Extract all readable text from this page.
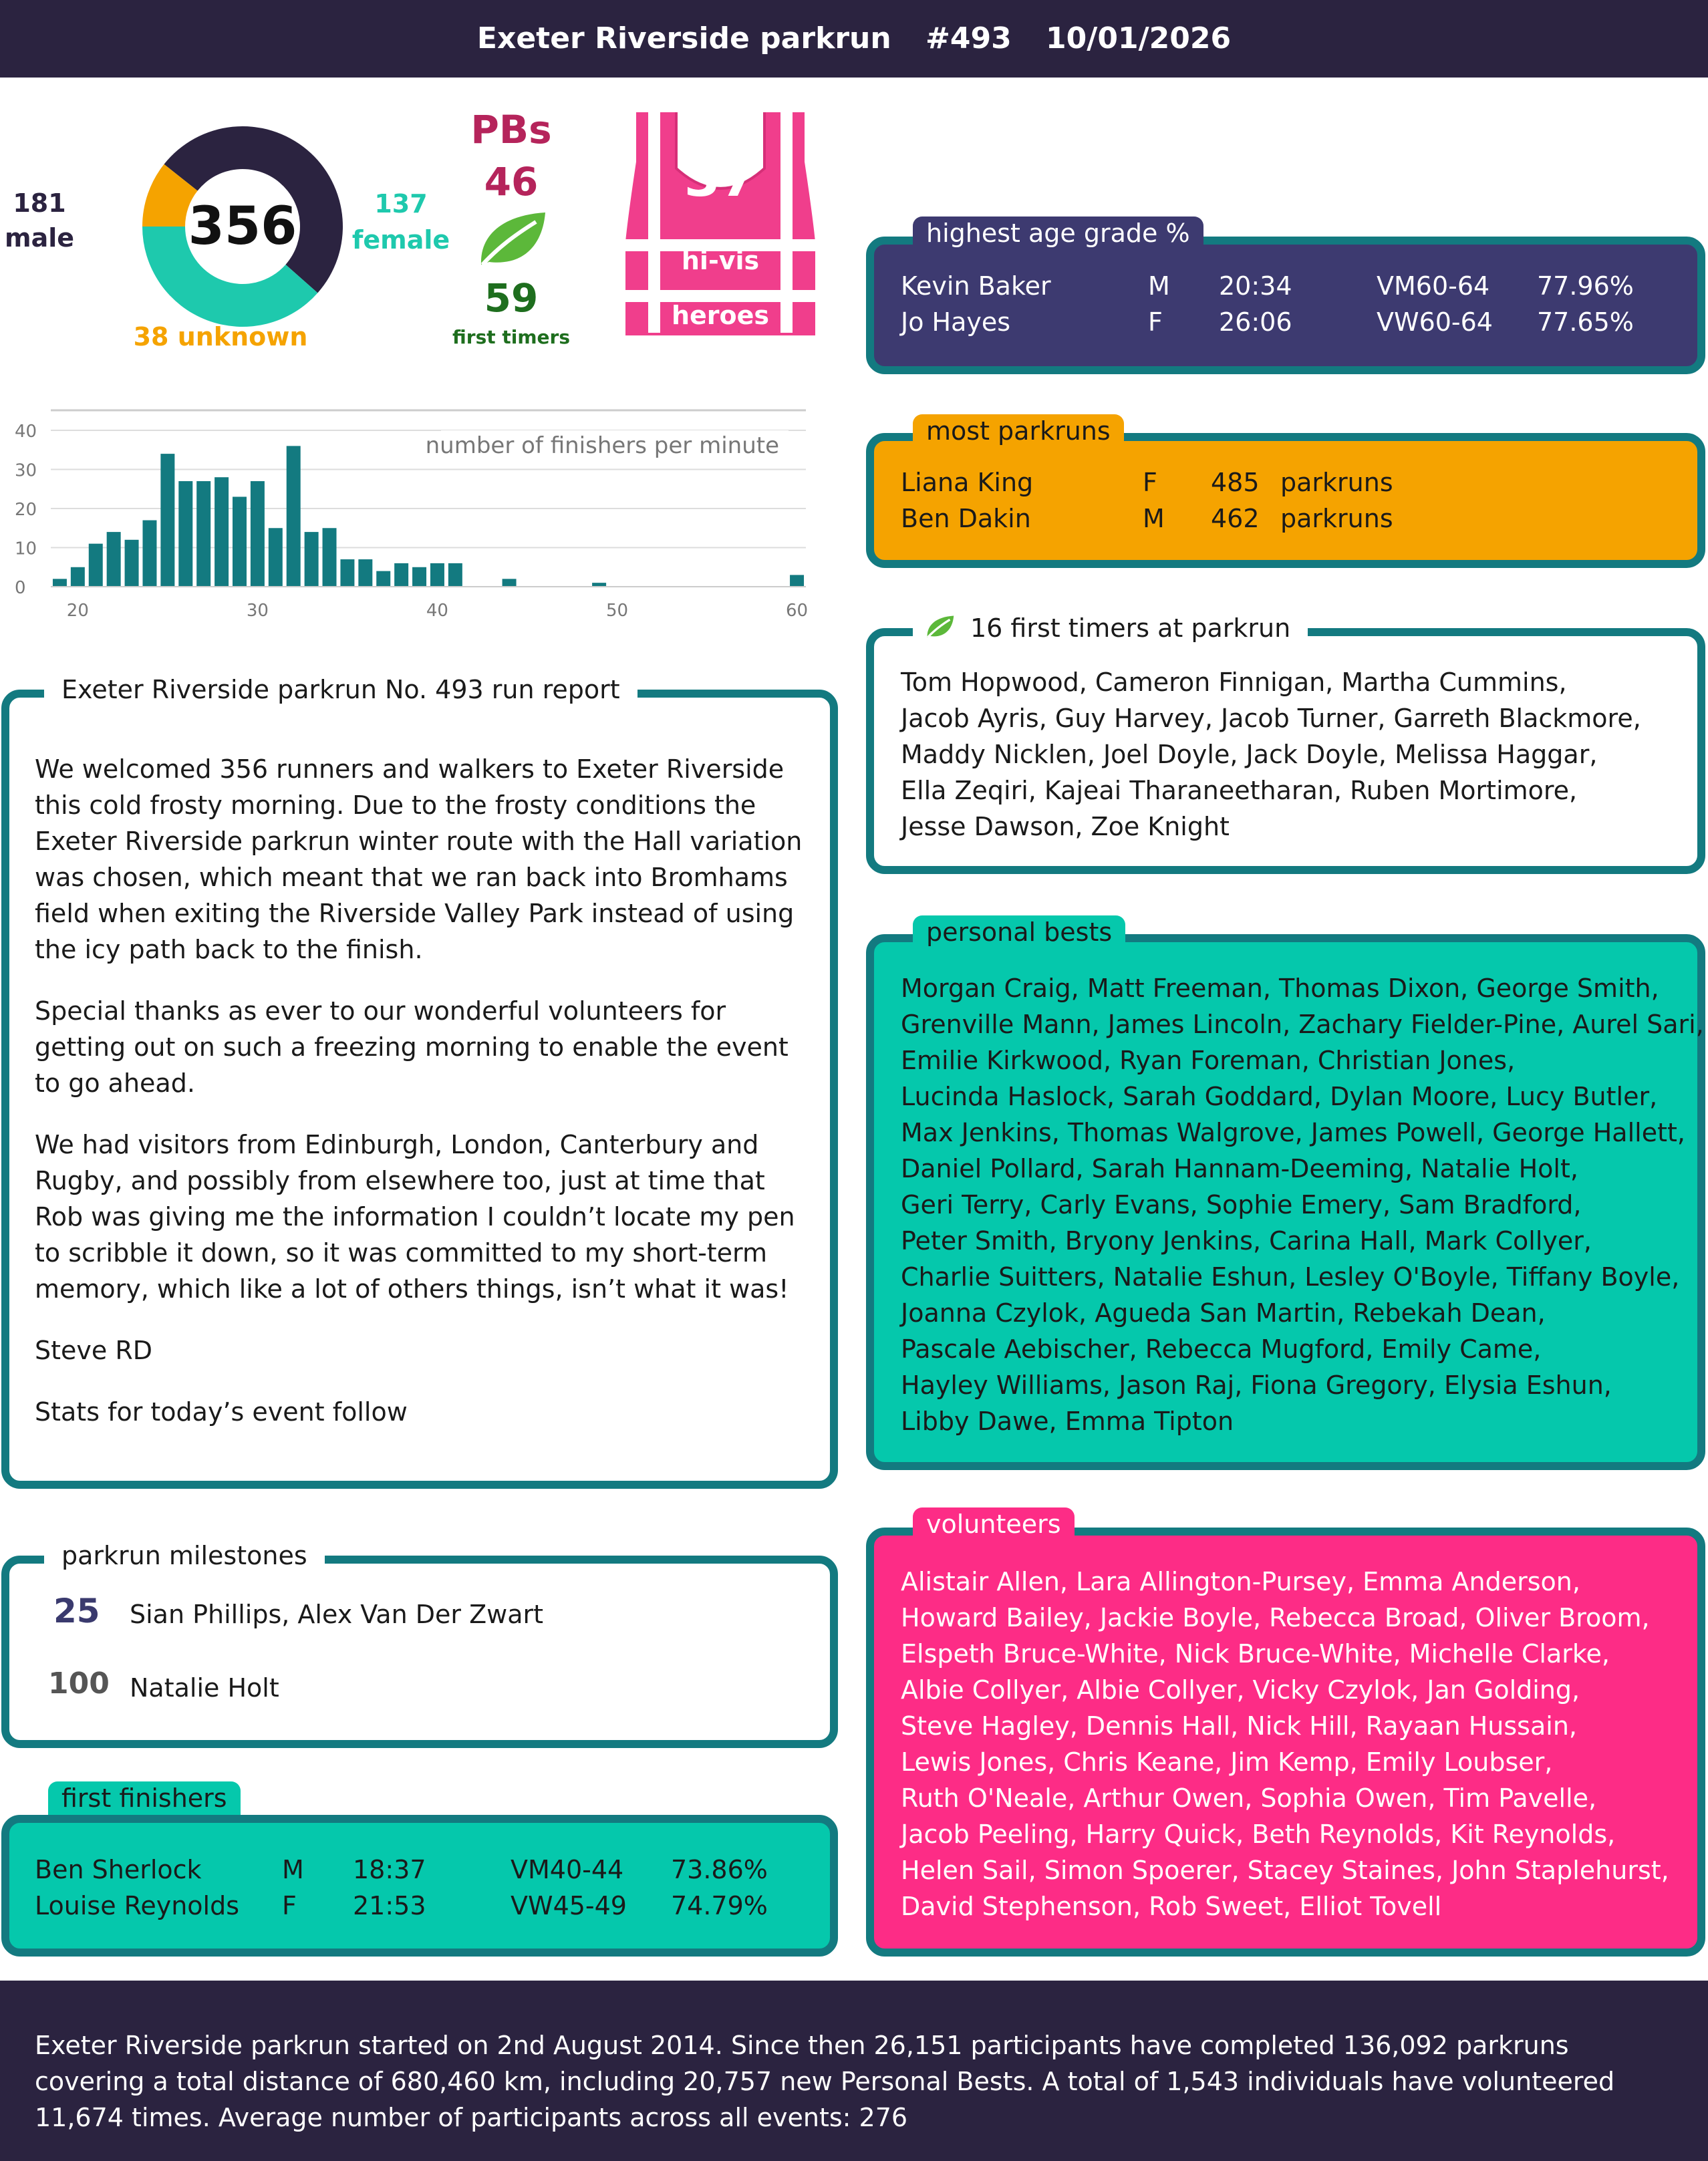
Exeter Riverside parkrun #493 10/01/2026
181
male 356	137
female
38 unknown
PBs
46
59
first timers
37
hi-vis
heroes
0
10
20
30
40
20	30	40	50	60
number of finishers per minute
Exeter Riverside parkrun No. 493 run report

We welcomed 356 runners and walkers to Exeter Riverside this cold frosty morning. Due to the frosty conditions the Exeter Riverside parkrun winter route with the Hall variation was chosen, which meant that we ran back into Bromhams field when exiting the Riverside Valley Park instead of using the icy path back to the finish.

Special thanks as ever to our wonderful volunteers for getting out on such a freezing morning to enable the event to go ahead.

We had visitors from Edinburgh, London, Canterbury and Rugby, and possibly from elsewhere too, just at time that Rob was giving me the information I couldn’t locate my pen to scribble it down, so it was committed to my short-term memory, which like a lot of others things, isn’t what it was!

Steve RD

Stats for today’s event follow

parkrun milestones
25 Sian Phillips, Alex Van Der Zwart
100 Natalie Holt
first finishers
Ben Sherlock	M 18:37	VM40-44 73.86%
Louise Reynolds F 21:53	VW45-49 74.79%
highest age grade %
Kevin Baker	M 20:34	VM60-64 77.96%
Jo Hayes	F 26:06	VW60-64 77.65%
most parkruns
Liana King	F 485 parkruns
Ben Dakin	M 462 parkruns
16 first timers at parkrun
Tom Hopwood, Cameron Finnigan, Martha Cummins,
Jacob Ayris, Guy Harvey, Jacob Turner, Garreth Blackmore,
Maddy Nicklen, Joel Doyle, Jack Doyle, Melissa Haggar,
Ella Zeqiri, Kajeai Tharaneetharan, Ruben Mortimore,
Jesse Dawson, Zoe Knight
personal bests
Morgan Craig, Matt Freeman, Thomas Dixon, George Smith,
Grenville Mann, James Lincoln, Zachary Fielder-Pine, Aurel Sari,
Emilie Kirkwood, Ryan Foreman, Christian Jones,
Lucinda Haslock, Sarah Goddard, Dylan Moore, Lucy Butler,
Max Jenkins, Thomas Walgrove, James Powell, George Hallett,
Daniel Pollard, Sarah Hannam-Deeming, Natalie Holt,
Geri Terry, Carly Evans, Sophie Emery, Sam Bradford,
Peter Smith, Bryony Jenkins, Carina Hall, Mark Collyer,
Charlie Suitters, Natalie Eshun, Lesley O'Boyle, Tiffany Boyle,
Joanna Czylok, Agueda San Martin, Rebekah Dean,
Pascale Aebischer, Rebecca Mugford, Emily Came,
Hayley Williams, Jason Raj, Fiona Gregory, Elysia Eshun,
Libby Dawe, Emma Tipton
volunteers
Alistair Allen, Lara Allington-Pursey, Emma Anderson,
Howard Bailey, Jackie Boyle, Rebecca Broad, Oliver Broom,
Elspeth Bruce-White, Nick Bruce-White, Michelle Clarke,
Albie Collyer, Albie Collyer, Vicky Czylok, Jan Golding,
Steve Hagley, Dennis Hall, Nick Hill, Rayaan Hussain,
Lewis Jones, Chris Keane, Jim Kemp, Emily Loubser,
Ruth O'Neale, Arthur Owen, Sophia Owen, Tim Pavelle,
Jacob Peeling, Harry Quick, Beth Reynolds, Kit Reynolds,
Helen Sail, Simon Spoerer, Stacey Staines, John Staplehurst,
David Stephenson, Rob Sweet, Elliot Tovell
Exeter Riverside parkrun started on 2nd August 2014. Since then 26,151 participants have completed 136,092 parkruns covering a total distance of 680,460 km, including 20,757 new Personal Bests. A total of 1,543 individuals have volunteered 11,674 times. Average number of participants across all events: 276
